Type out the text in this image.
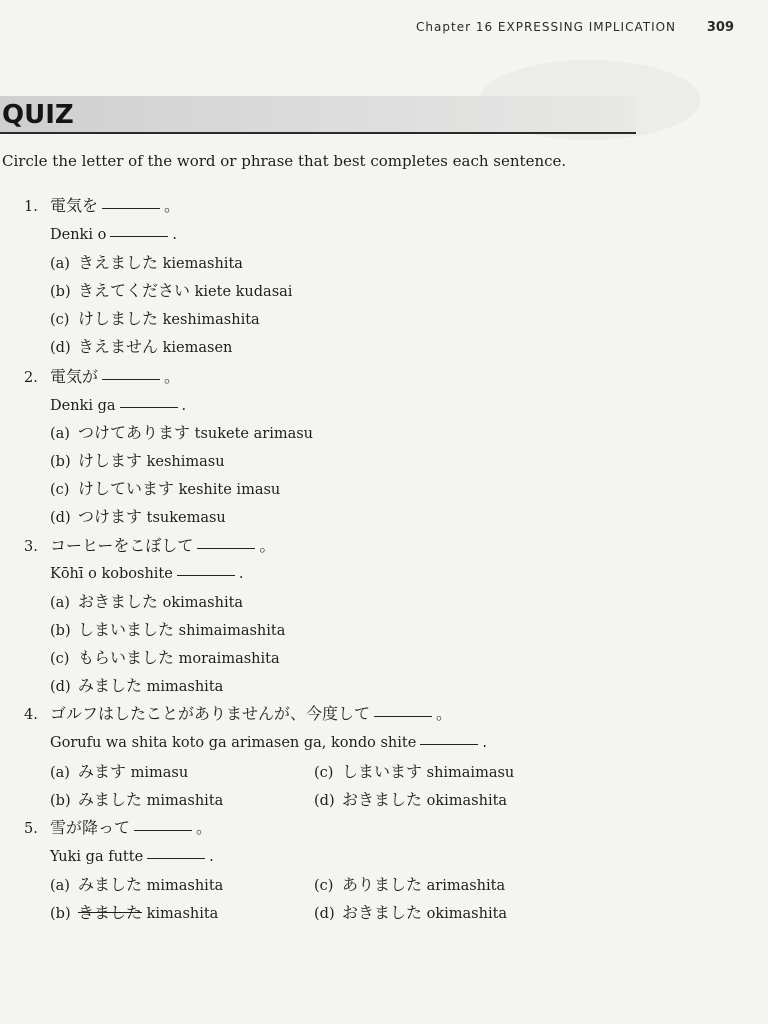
Chapter 16 EXPRESSING IMPLICATION 309
QUIZ
Circle the letter of the word or phrase that best completes each sentence.
1. 電気を	。
Denki o	.
(a) きえました kiemashita
(b) きえてください kiete kudasai
(c) けしました keshimashita
(d) きえません kiemasen
2. 電気が	。
Denki ga	.
(a) つけてあります tsukete arimasu
(b) けします keshimasu
(c) けしています keshite imasu
(d) つけます tsukemasu
3. コーヒーをこぼして	。
Kōhī o koboshite	.
(a) おきました okimashita
(b) しまいました shimaimashita
(c) もらいました moraimashita
(d) みました mimashita
4. ゴルフはしたことがありませんが、今度して	。
Gorufu wa shita koto ga arimasen ga, kondo shite	.
(a) みます mimasu
(b) みました mimashita
(c) しまいます shimaimasu
(d) おきました okimashita
5. 雪が降って	。
Yuki ga futte	.
(a) みました mimashita
(b) きました kimashita
(c) ありました arimashita
(d) おきました okimashita
